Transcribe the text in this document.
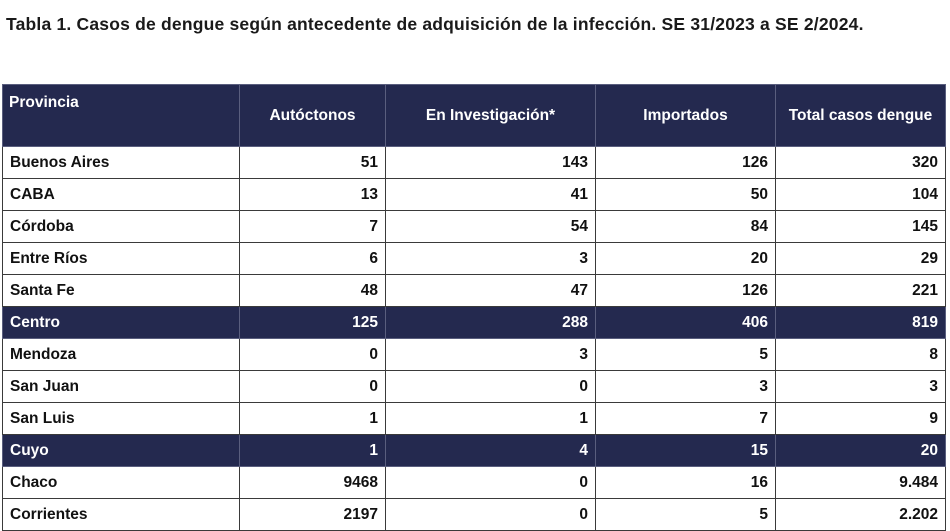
Tabla 1. Casos de dengue según antecedente de adquisición de la infección. SE 31/2023 a SE 2/2024.
Provincia	Autóctonos	En Investigación*	Importados	Total casos dengue
Buenos Aires	51	143	126	320
CABA	13	41	50	104
Córdoba	7	54	84	145
Entre Ríos	6	3	20	29
Santa Fe	48	47	126	221
Centro	125	288	406	819
Mendoza	0	3	5	8
San Juan	0	0	3	3
San Luis	1	1	7	9
Cuyo	1	4	15	20
Chaco	9468	0	16	9.484
Corrientes	2197	0	5	2.202
